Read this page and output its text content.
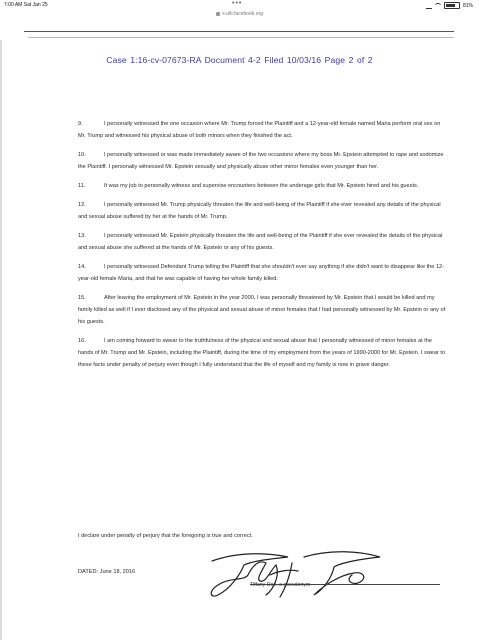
7:00 AM Sat Jan 25	•••	81%
s-ulti.facebook.org
Case 1:16-cv-07673-RA Document 4-2 Filed 10/03/16 Page 2 of 2

9.	I personally witnessed the one occasion where Mr. Trump forced the Plaintiff and a 12-year-old female named Maria perform oral sex on Mr. Trump and witnessed his physical abuse of both minors when they finished the act.

10.	I personally witnessed or was made immediately aware of the two occasions where my boss Mr. Epstein attempted to rape and sodomize the Plaintiff. I personally witnessed Mr. Epstein sexually and physically abuse other minor females even younger than her.

11.	It was my job to personally witness and supervise encounters between the underage girls that Mr. Epstein hired and his guests.

12.	I personally witnessed Mr. Trump physically threaten the life and well-being of the Plaintiff if she ever revealed any details of the physical and sexual abuse suffered by her at the hands of Mr. Trump.

13.	I personally witnessed Mr. Epstein physically threaten the life and well-being of the Plaintiff if she ever revealed the details of the physical and sexual abuse she suffered at the hands of Mr. Epstein or any of his guests.

14.	I personally witnessed Defendant Trump telling the Plaintiff that she shouldn't ever say anything if she didn't want to disappear like the 12-year-old female Maria, and that he was capable of having her whole family killed.

15.	After leaving the employment of Mr. Epstein in the year 2000, I was personally threatened by Mr. Epstein that I would be killed and my family killed as well if I ever disclosed any of the physical and sexual abuse of minor females that I had personally witnessed by Mr. Epstein or any of his guests.

16.	I am coming forward to swear to the truthfulness of the physical and sexual abuse that I personally witnessed of minor females at the hands of Mr. Trump and Mr. Epstein, including the Plaintiff, during the time of my employment from the years of 1990-2000 for Mr. Epstein. I swear to these facts under penalty of perjury even though I fully understand that the life of myself and my family is now in grave danger.

I declare under penalty of perjury that the foregoing is true and correct.
DATED: June 18, 2016
Tiffany Doe, a pseudonym
